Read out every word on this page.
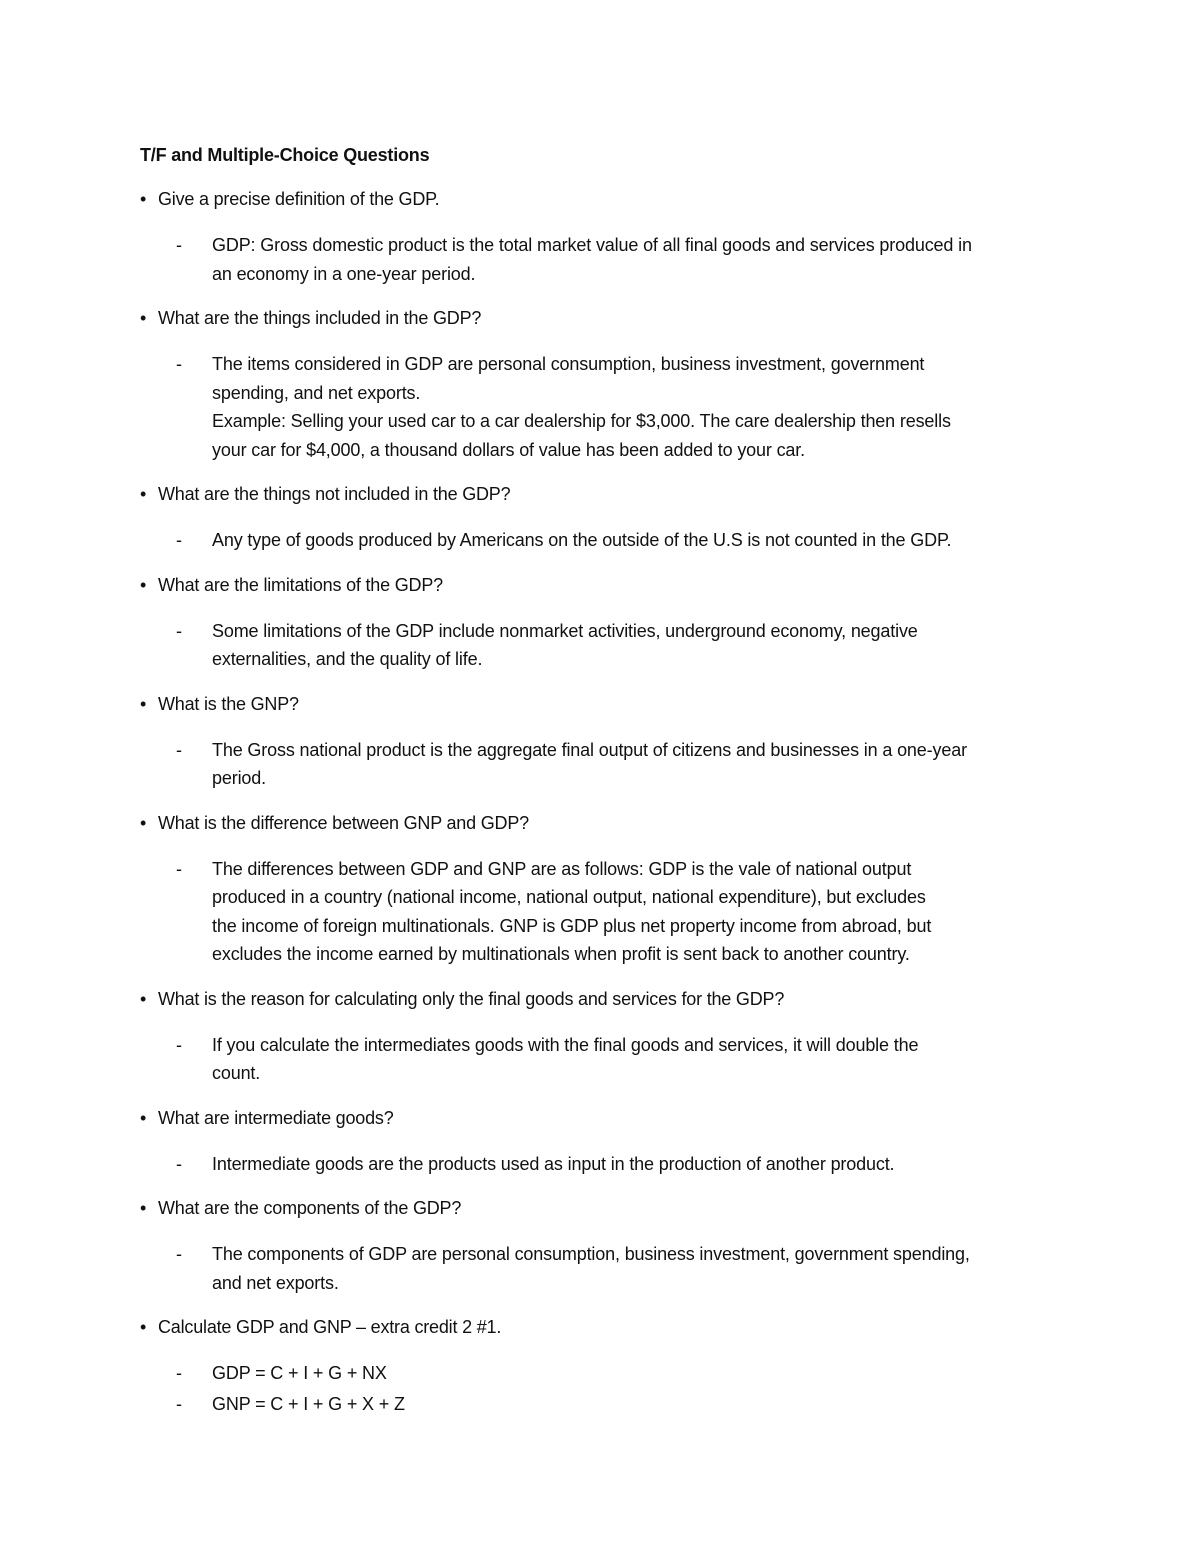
T/F and Multiple-Choice Questions
• Give a precise definition of the GDP.
- GDP: Gross domestic product is the total market value of all final goods and services produced in
an economy in a one-year period.
• What are the things included in the GDP?
- The items considered in GDP are personal consumption, business investment, government
spending, and net exports.
Example: Selling your used car to a car dealership for $3,000. The care dealership then resells
your car for $4,000, a thousand dollars of value has been added to your car.
• What are the things not included in the GDP?
- Any type of goods produced by Americans on the outside of the U.S is not counted in the GDP.
• What are the limitations of the GDP?
- Some limitations of the GDP include nonmarket activities, underground economy, negative
externalities, and the quality of life.
• What is the GNP?
- The Gross national product is the aggregate final output of citizens and businesses in a one-year
period.
• What is the difference between GNP and GDP?
- The differences between GDP and GNP are as follows: GDP is the vale of national output
produced in a country (national income, national output, national expenditure), but excludes
the income of foreign multinationals. GNP is GDP plus net property income from abroad, but
excludes the income earned by multinationals when profit is sent back to another country.
• What is the reason for calculating only the final goods and services for the GDP?
- If you calculate the intermediates goods with the final goods and services, it will double the
count.
• What are intermediate goods?
- Intermediate goods are the products used as input in the production of another product.
• What are the components of the GDP?
- The components of GDP are personal consumption, business investment, government spending,
and net exports.
• Calculate GDP and GNP – extra credit 2 #1.
- GDP = C + I + G + NX
- GNP = C + I + G + X + Z
